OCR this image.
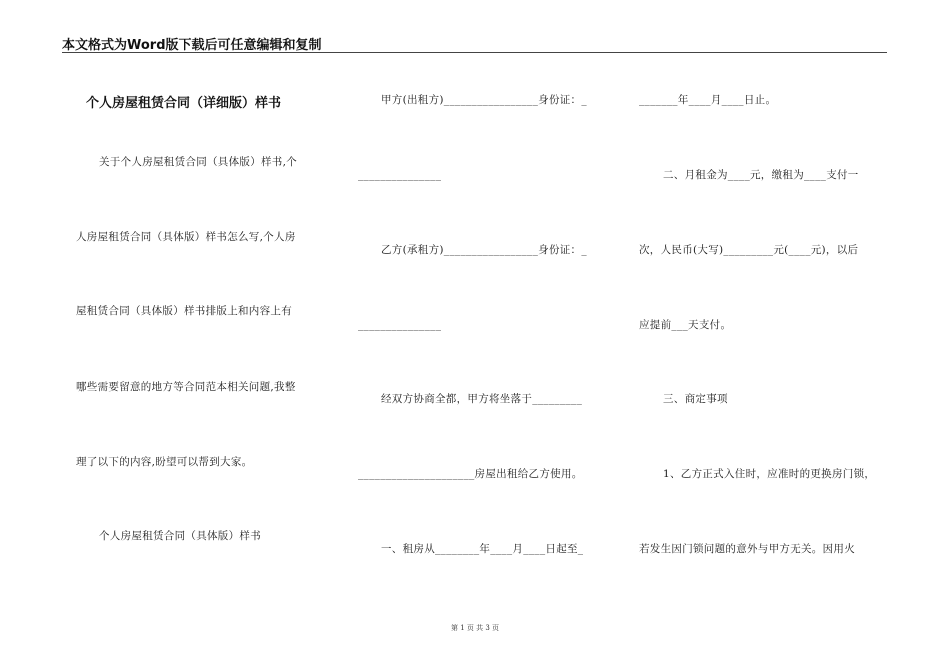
本文格式为Word版下载后可任意编辑和复制
个人房屋租赁合同（详细版）样书
关于个人房屋租赁合同（具体版）样书,个
人房屋租赁合同（具体版）样书怎么写,个人房
屋租赁合同（具体版）样书排版上和内容上有
哪些需要留意的地方等合同范本相关问题,我整
理了以下的内容,盼望可以帮到大家。
个人房屋租赁合同（具体版）样书
甲方(出租方)_________________身份证：_
_______________
乙方(承租方)_________________身份证：_
_______________
经双方协商全都，甲方将坐落于_________
_____________________房屋出租给乙方使用。
一、租房从________年____月____日起至_
_______年____月____日止。
二、月租金为____元，缴租为____支付一
次，人民币(大写)_________元(____元)，以后
应提前___天支付。
三、商定事项
1、乙方正式入住时，应准时的更换房门锁，
若发生因门锁问题的意外与甲方无关。因用火
第 1 页 共 3 页
